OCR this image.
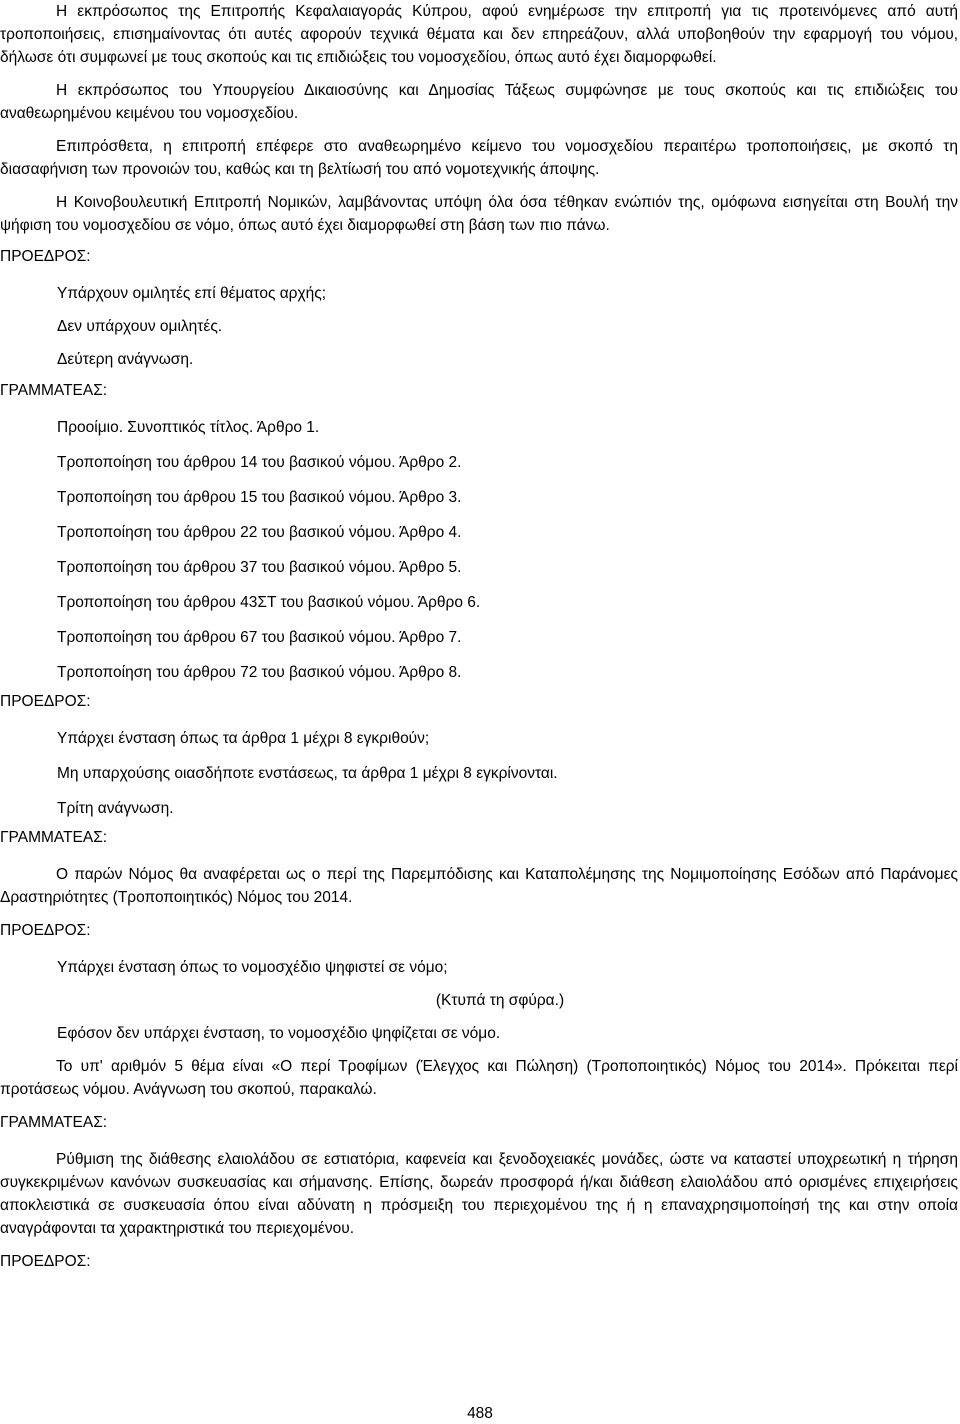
Η εκπρόσωπος της Επιτροπής Κεφαλαιαγοράς Κύπρου, αφού ενημέρωσε την επιτροπή για τις προτεινόμενες από αυτή τροποποιήσεις, επισημαίνοντας ότι αυτές αφορούν τεχνικά θέματα και δεν επηρεάζουν, αλλά υποβοηθούν την εφαρμογή του νόμου, δήλωσε ότι συμφωνεί με τους σκοπούς και τις επιδιώξεις του νομοσχεδίου, όπως αυτό έχει διαμορφωθεί.

Η εκπρόσωπος του Υπουργείου Δικαιοσύνης και Δημοσίας Τάξεως συμφώνησε με τους σκοπούς και τις επιδιώξεις του αναθεωρημένου κειμένου του νομοσχεδίου.

Επιπρόσθετα, η επιτροπή επέφερε στο αναθεωρημένο κείμενο του νομοσχεδίου περαιτέρω τροποποιήσεις, με σκοπό τη διασαφήνιση των προνοιών του, καθώς και τη βελτίωσή του από νομοτεχνικής άποψης.

Η Κοινοβουλευτική Επιτροπή Νομικών, λαμβάνοντας υπόψη όλα όσα τέθηκαν ενώπιόν της, ομόφωνα εισηγείται στη Βουλή την ψήφιση του νομοσχεδίου σε νόμο, όπως αυτό έχει διαμορφωθεί στη βάση των πιο πάνω.

ΠΡΟΕΔΡΟΣ:

Υπάρχουν ομιλητές επί θέματος αρχής;

Δεν υπάρχουν ομιλητές.

Δεύτερη ανάγνωση.

ΓΡΑΜΜΑΤΕΑΣ:

Προοίμιο. Συνοπτικός τίτλος. Άρθρο 1.

Τροποποίηση του άρθρου 14 του βασικού νόμου. Άρθρο 2.

Τροποποίηση του άρθρου 15 του βασικού νόμου. Άρθρο 3.

Τροποποίηση του άρθρου 22 του βασικού νόμου. Άρθρο 4.

Τροποποίηση του άρθρου 37 του βασικού νόμου. Άρθρο 5.

Τροποποίηση του άρθρου 43ΣΤ του βασικού νόμου. Άρθρο 6.

Τροποποίηση του άρθρου 67 του βασικού νόμου. Άρθρο 7.

Τροποποίηση του άρθρου 72 του βασικού νόμου. Άρθρο 8.

ΠΡΟΕΔΡΟΣ:

Υπάρχει ένσταση όπως τα άρθρα 1 μέχρι 8 εγκριθούν;

Μη υπαρχούσης οιασδήποτε ενστάσεως, τα άρθρα 1 μέχρι 8 εγκρίνονται.

Τρίτη ανάγνωση.

ΓΡΑΜΜΑΤΕΑΣ:

Ο παρών Νόμος θα αναφέρεται ως ο περί της Παρεμπόδισης και Καταπολέμησης της Νομιμοποίησης Εσόδων από Παράνομες Δραστηριότητες (Τροποποιητικός) Νόμος του 2014.

ΠΡΟΕΔΡΟΣ:

Υπάρχει ένσταση όπως το νομοσχέδιο ψηφιστεί σε νόμο;

(Κτυπά τη σφύρα.)

Εφόσον δεν υπάρχει ένσταση, το νομοσχέδιο ψηφίζεται σε νόμο.

Το υπ' αριθμόν 5 θέμα είναι «Ο περί Τροφίμων (Έλεγχος και Πώληση) (Τροποποιητικός) Νόμος του 2014». Πρόκειται περί προτάσεως νόμου. Ανάγνωση του σκοπού, παρακαλώ.

ΓΡΑΜΜΑΤΕΑΣ:

Ρύθμιση της διάθεσης ελαιολάδου σε εστιατόρια, καφενεία και ξενοδοχειακές μονάδες, ώστε να καταστεί υποχρεωτική η τήρηση συγκεκριμένων κανόνων συσκευασίας και σήμανσης. Επίσης, δωρεάν προσφορά ή/και διάθεση ελαιολάδου από ορισμένες επιχειρήσεις αποκλειστικά σε συσκευασία όπου είναι αδύνατη η πρόσμειξη του περιεχομένου της ή η επαναχρησιμοποίησή της και στην οποία αναγράφονται τα χαρακτηριστικά του περιεχομένου.

ΠΡΟΕΔΡΟΣ:

488
